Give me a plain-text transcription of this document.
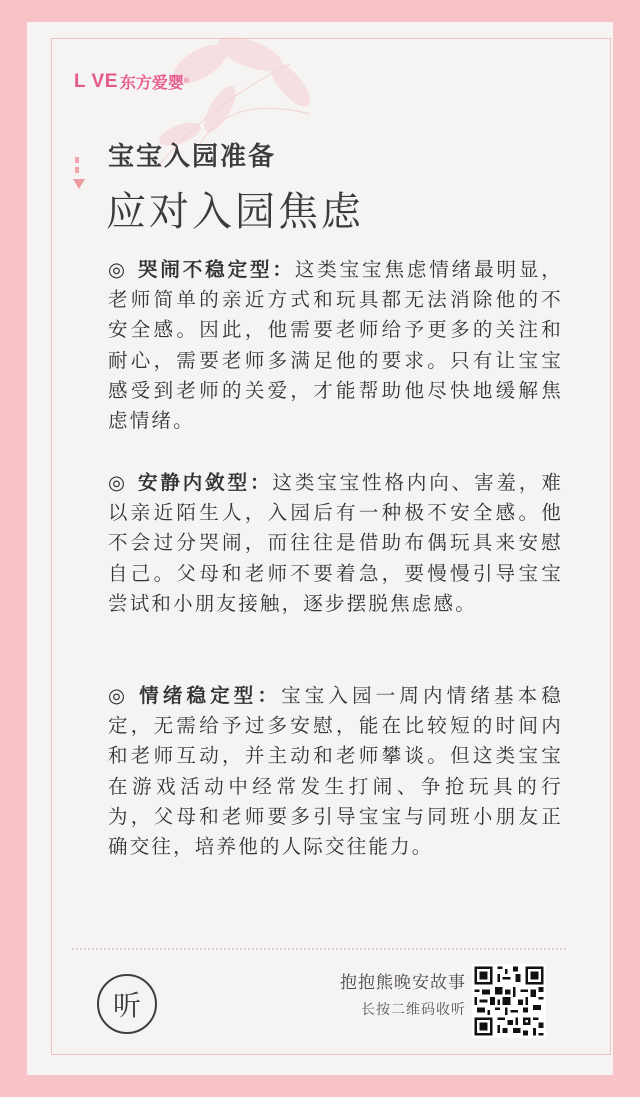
L VE 东方爱婴 ®
宝宝入园准备
应对入园焦虑
◎ 哭闹不稳定型：这类宝宝焦虑情绪最明显，老师简单的亲近方式和玩具都无法消除他的不安全感。因此，他需要老师给予更多的关注和耐心，需要老师多满足他的要求。只有让宝宝感受到老师的关爱，才能帮助他尽快地缓解焦虑情绪。
◎ 安静内敛型：这类宝宝性格内向、害羞，难以亲近陌生人，入园后有一种极不安全感。他不会过分哭闹，而往往是借助布偶玩具来安慰自己。父母和老师不要着急，要慢慢引导宝宝尝试和小朋友接触，逐步摆脱焦虑感。
◎ 情绪稳定型：宝宝入园一周内情绪基本稳定，无需给予过多安慰，能在比较短的时间内和老师互动，并主动和老师攀谈。但这类宝宝在游戏活动中经常发生打闹、争抢玩具的行为，父母和老师要多引导宝宝与同班小朋友正确交往，培养他的人际交往能力。
听
抱抱熊晚安故事
长按二维码收听
